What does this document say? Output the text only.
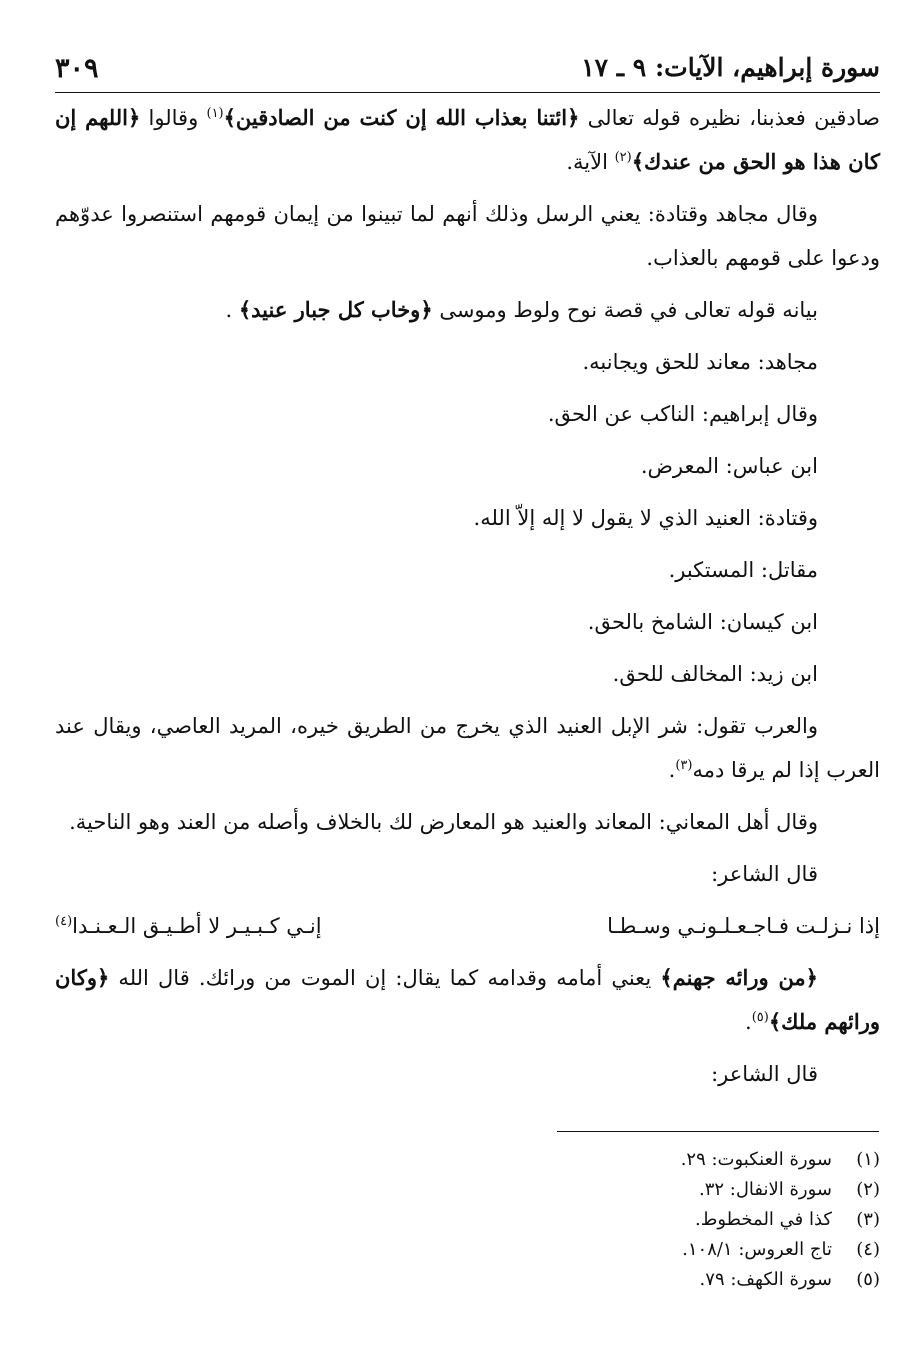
٣٠٩	سورة إبراهيم، الآيات: ٩ ـ ١٧

صادقين فعذبنا، نظيره قوله تعالى ﴿ائتنا بعذاب الله إن كنت من الصادقين﴾$^{(١)}$ وقالوا ﴿اللهم إن كان هذا هو الحق من عندك﴾$^{(٢)}$ الآية.

وقال مجاهد وقتادة: يعني الرسل وذلك أنهم لما تبينوا من إيمان قومهم استنصروا عدوّهم ودعوا على قومهم بالعذاب.

بيانه قوله تعالى في قصة نوح ولوط وموسى ﴿وخاب كل جبار عنيد﴾ .

مجاهد: معاند للحق ويجانبه.

وقال إبراهيم: الناكب عن الحق.

ابن عباس: المعرض.

وقتادة: العنيد الذي لا يقول لا إله إلاّ الله.

مقاتل: المستكبر.

ابن كيسان: الشامخ بالحق.

ابن زيد: المخالف للحق.

والعرب تقول: شر الإبل العنيد الذي يخرج من الطريق خيره، المريد العاصي، ويقال عند العرب إذا لم يرقا دمه$^{(٣)}$.

وقال أهل المعاني: المعاند والعنيد هو المعارض لك بالخلاف وأصله من العند وهو الناحية.

قال الشاعر:

إذا نـزلـت فـاجـعـلـونـي وسـطـا
إنـي كـبـيـر لا أطـيـق الـعـنـدا$^{(٤)}$

﴿من ورائه جهنم﴾ يعني أمامه وقدامه كما يقال: إن الموت من ورائك. قال الله ﴿وكان ورائهم ملك﴾$^{(٥)}$.

قال الشاعر:

(١)
سورة العنكبوت: ٢٩.
(٢)
سورة الانفال: ٣٢.
(٣)
كذا في المخطوط.
(٤)
تاج العروس: ١٠٨/١.
(٥)
سورة الكهف: ٧٩.
